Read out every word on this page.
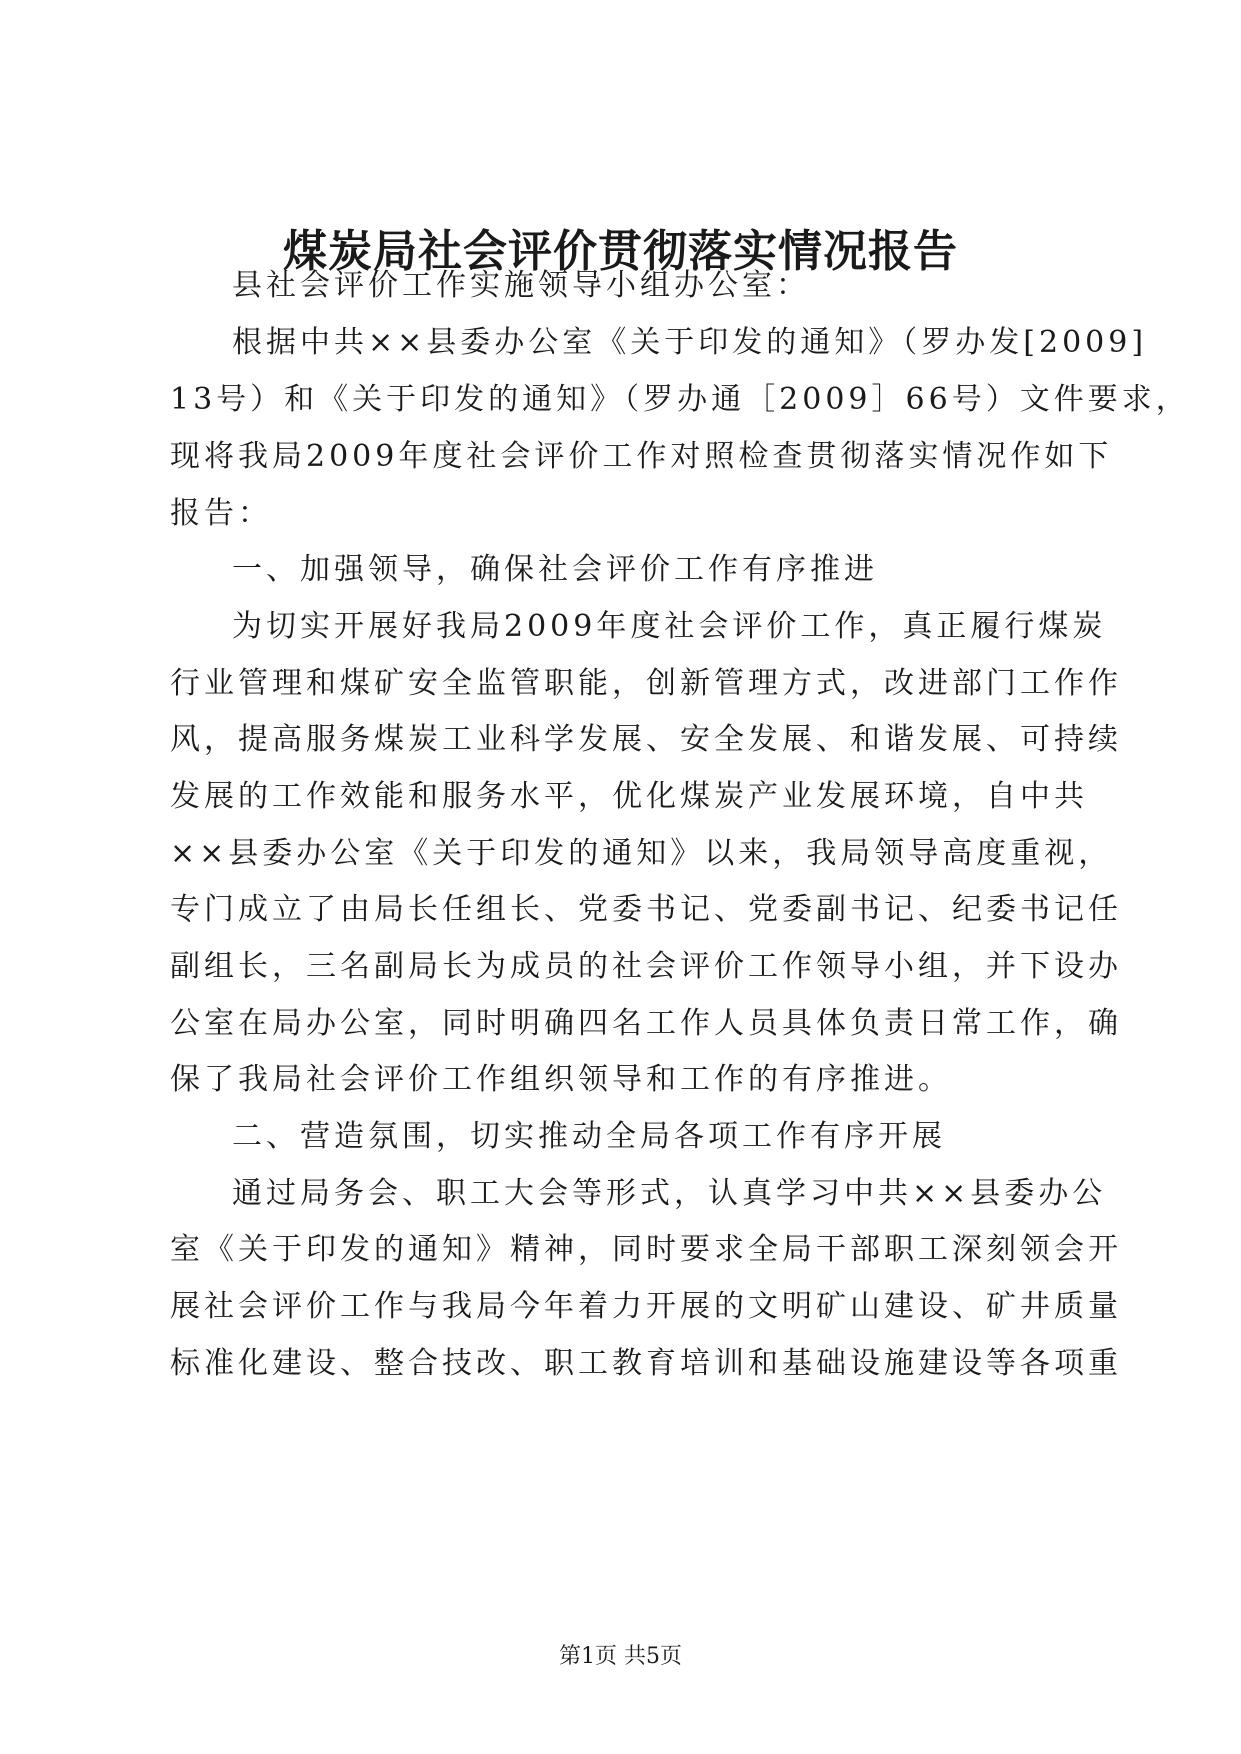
煤炭局社会评价贯彻落实情况报告
县社会评价工作实施领导小组办公室：
根据中共××县委办公室《关于印发的通知》（罗办发[2009]
13号）和《关于印发的通知》（罗办通［2009］66号）文件要求，
现将我局2009年度社会评价工作对照检查贯彻落实情况作如下
报告：
一、加强领导，确保社会评价工作有序推进
为切实开展好我局2009年度社会评价工作，真正履行煤炭
行业管理和煤矿安全监管职能，创新管理方式，改进部门工作作
风，提高服务煤炭工业科学发展、安全发展、和谐发展、可持续
发展的工作效能和服务水平，优化煤炭产业发展环境，自中共
××县委办公室《关于印发的通知》以来，我局领导高度重视，
专门成立了由局长任组长、党委书记、党委副书记、纪委书记任
副组长，三名副局长为成员的社会评价工作领导小组，并下设办
公室在局办公室，同时明确四名工作人员具体负责日常工作，确
保了我局社会评价工作组织领导和工作的有序推进。
二、营造氛围，切实推动全局各项工作有序开展
通过局务会、职工大会等形式，认真学习中共××县委办公
室《关于印发的通知》精神，同时要求全局干部职工深刻领会开
展社会评价工作与我局今年着力开展的文明矿山建设、矿井质量
标准化建设、整合技改、职工教育培训和基础设施建设等各项重
第1页 共5页
